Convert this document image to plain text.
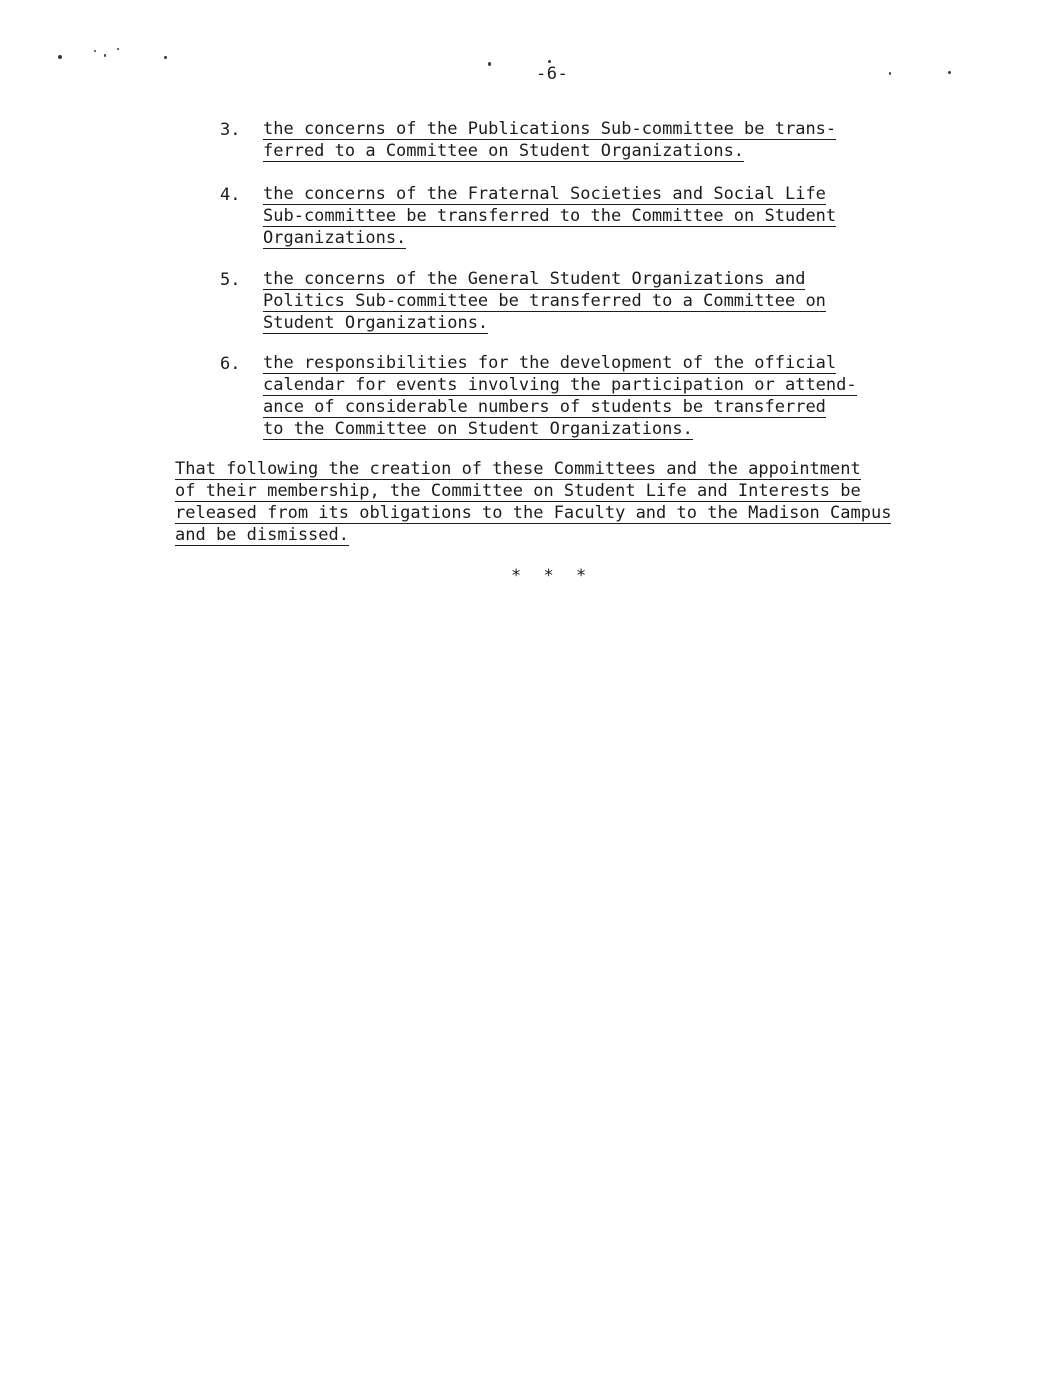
-6-
3.	the concerns of the Publications Sub-committee be trans-
ferred to a Committee on Student Organizations.
4.	the concerns of the Fraternal Societies and Social Life
Sub-committee be transferred to the Committee on Student
Organizations.
5.	the concerns of the General Student Organizations and
Politics Sub-committee be transferred to a Committee on
Student Organizations.
6.	the responsibilities for the development of the official
calendar for events involving the participation or attend-
ance of considerable numbers of students be transferred
to the Committee on Student Organizations.
That following the creation of these Committees and the appointment
of their membership, the Committee on Student Life and Interests be
released from its obligations to the Faculty and to the Madison Campus
and be dismissed.
* * *
